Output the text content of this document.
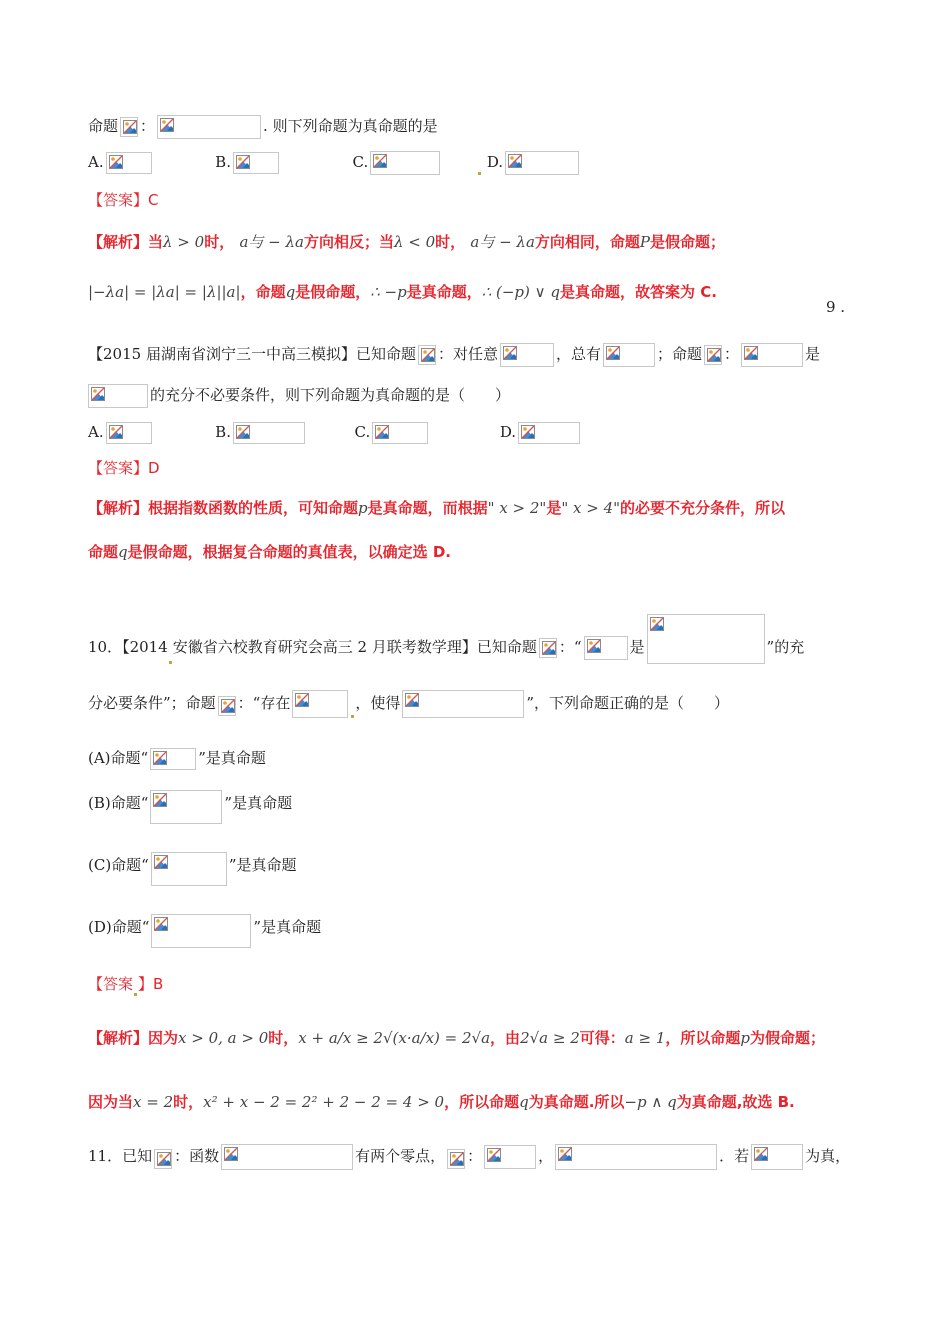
命题 ：	. 则下列命题为真命题的是
A.	B.	C.	D.
【答案】C
【解析】当λ > 0时， a与 − λa方向相反；当λ < 0时， a与 − λa方向相同，命题P是假命题；
|−λa| = |λa| = |λ||a|，命题q是假命题，∴ −p是真命题，∴ (−p) ∨ q是真命题，故答案为 C.
9 .
【2015 届湖南省浏宁三一中高三模拟】已知命题 ：对任意	，总有	；命题 ：	是
的充分不必要条件，则下列命题为真命题的是（　　）
A.	B.	C.	D.
【答案】D
【解析】根据指数函数的性质，可知命题p是真命题，而根据" x > 2"是" x > 4"的必要不充分条件，所以
命题q是假命题，根据复合命题的真值表，以确定选 D.
10．【2014 安徽省六校教育研究会高三 2 月联考数学理】已知命题 ：“	是	”的充
分必要条件”；命题 ：“存在	，使得	”，下列命题正确的是（　　）
(A)命题“	”是真命题
(B)命题“	”是真命题
(C)命题“	”是真命题
(D)命题“	”是真命题
【答案 】B
【解析】因为x > 0, a > 0时，x + a/x ≥ 2√(x·a/x) = 2√a，由2√a ≥ 2可得：a ≥ 1，所以命题p为假命题；
因为当x = 2时，x² + x − 2 = 2² + 2 − 2 = 4 > 0，所以命题q为真命题.所以−p ∧ q为真命题,故选 B.
11．已知 ：函数	有两个零点， ：	，	．若	为真，
